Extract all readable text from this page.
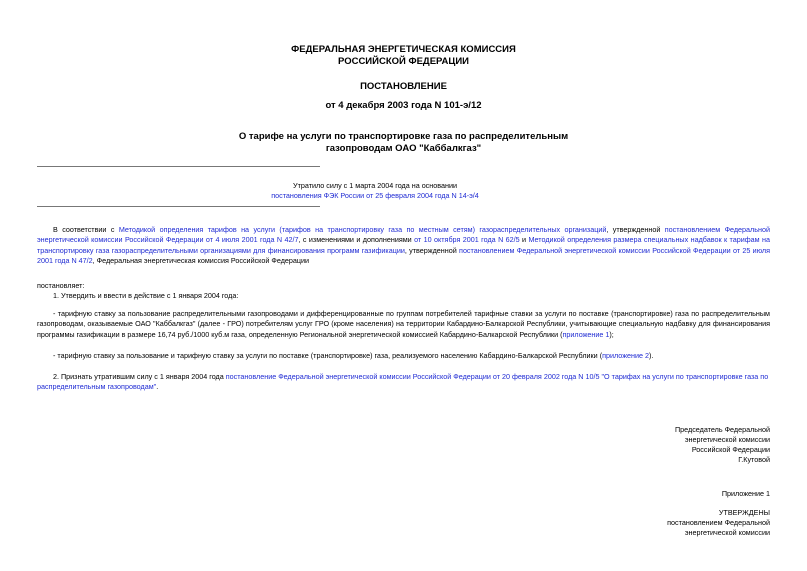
ФЕДЕРАЛЬНАЯ ЭНЕРГЕТИЧЕСКАЯ КОМИССИЯ
РОССИЙСКОЙ ФЕДЕРАЦИИ
ПОСТАНОВЛЕНИЕ
от 4 декабря 2003 года N 101-э/12
О тарифе на услуги по транспортировке газа по распределительным
газопроводам ОАО "Каббалкгаз"
Утратило силу с 1 марта 2004 года на основании
постановления ФЭК России от 25 февраля 2004 года N 14-э/4

В соответствии с Методикой определения тарифов на услуги (тарифов на транспортировку газа по местным сетям) газораспределительных организаций, утвержденной постановлением Федеральной энергетической комиссии Российской Федерации от 4 июля 2001 года N 42/7, с изменениями и дополнениями от 10 октября 2001 года N 62/5 и Методикой определения размера специальных надбавок к тарифам на транспортировку газа газораспределительными организациями для финансирования программ газификации, утвержденной постановлением Федеральной энергетической комиссии Российской Федерации от 25 июля 2001 года N 47/2, Федеральная энергетическая комиссия Российской Федерации

постановляет:
1. Утвердить и ввести в действие с 1 января 2004 года:

- тарифную ставку за пользование распределительными газопроводами и дифференцированные по группам потребителей тарифные ставки за услуги по поставке (транспортировке) газа по распределительным газопроводам, оказываемые ОАО "Каббалкгаз" (далее - ГРО) потребителям услуг ГРО (кроме населения) на территории Кабардино-Балкарской Республики, учитывающие специальную надбавку для финансирования программы газификации в размере 16,74 руб./1000 куб.м газа, определенную Региональной энергетической комиссией Кабардино-Балкарской Республики (приложение 1);

- тарифную ставку за пользование и тарифную ставку за услуги по поставке (транспортировке) газа, реализуемого населению Кабардино-Балкарской Республики (приложение 2).

2. Признать утратившим силу с 1 января 2004 года постановление Федеральной энергетической комиссии Российской Федерации от 20 февраля 2002 года N 10/5 "О тарифах на услуги по транспортировке газа по распределительным газопроводам".

Председатель Федеральной
энергетической комиссии
Российской Федерации
Г.Кутовой
Приложение 1
УТВЕРЖДЕНЫ
постановлением Федеральной
энергетической комиссии
